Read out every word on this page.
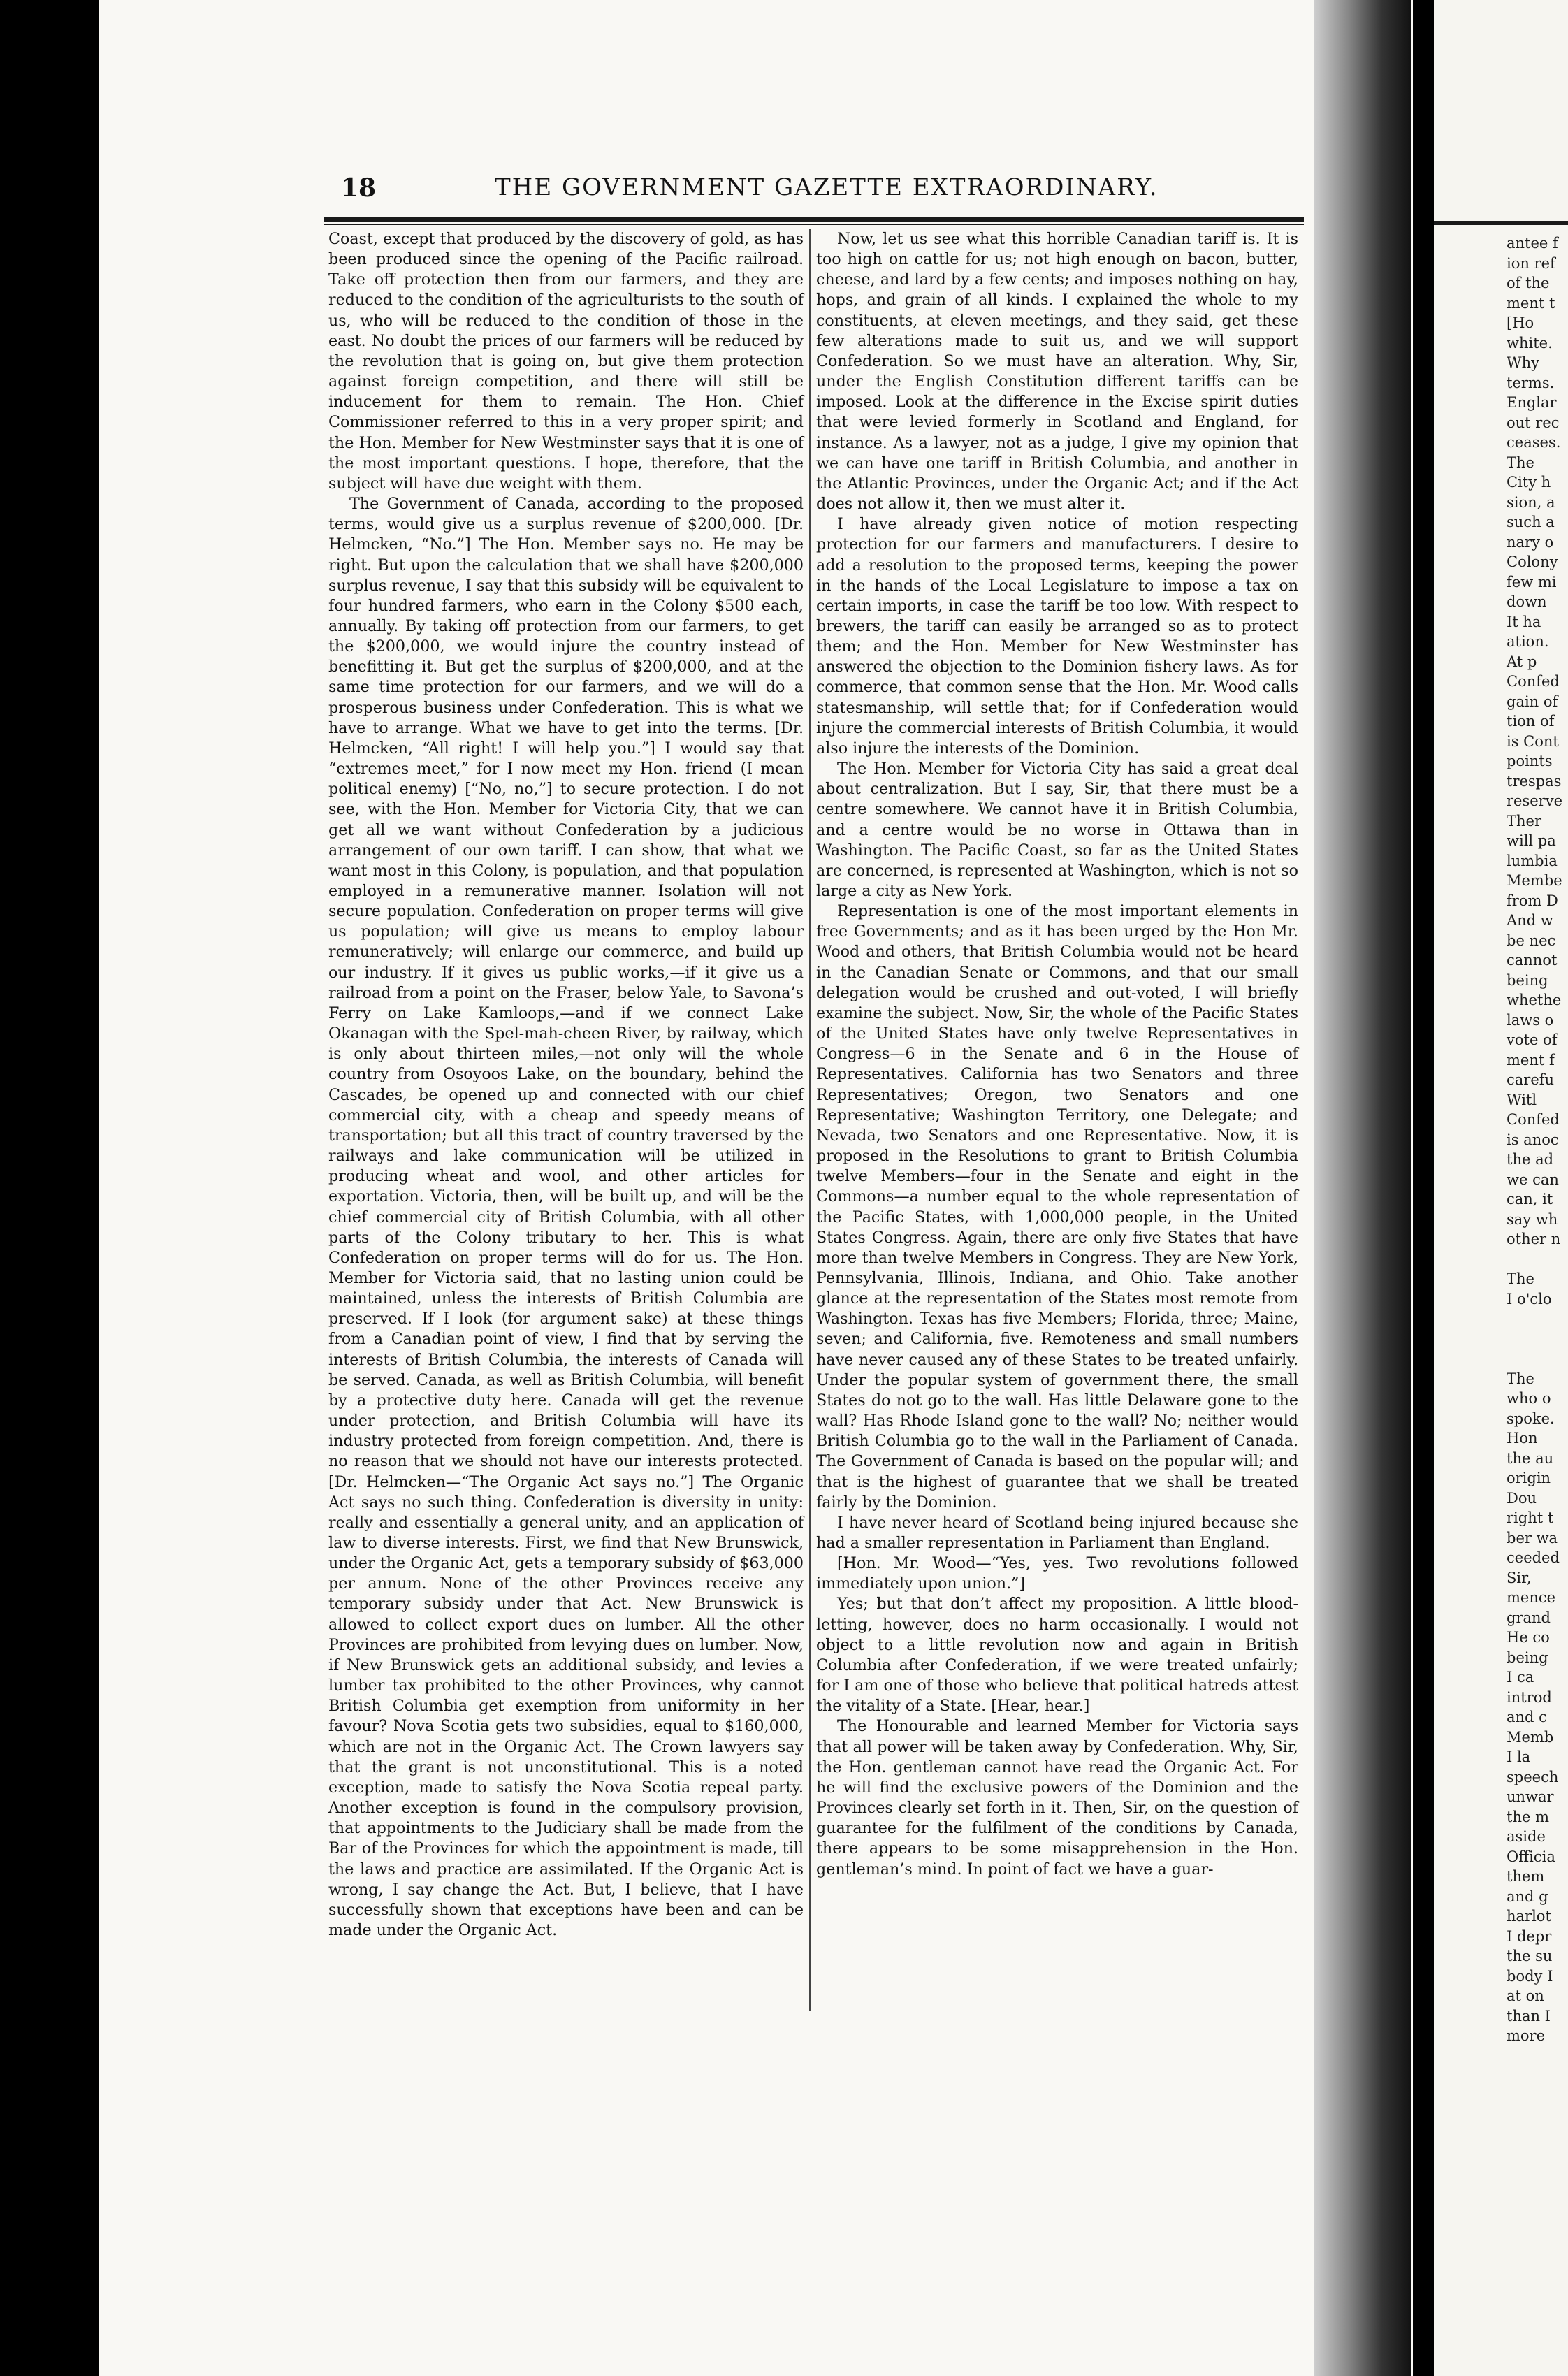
antee f
ion ref
of the
ment t
[Ho
white.
Why
terms.
Englar
out rec
ceases.
The
City h
sion, a
such a
nary o
Colony
few mi
down
It ha
ation.
At p
Confed
gain of
tion of
is Cont
points
trespas
reserve
Ther
will pa
lumbia
Membe
from D
And w
be nec
cannot
being
whethe
laws o
vote of
ment f
carefu
Witl
Confed
is anoc
the ad
we can
can, it
say wh
other n

The
I o'clo

The
who o
spoke.
Hon
the au
origin
Dou
right t
ber wa
ceeded
Sir,
mence
grand
He co
being
I ca
introd
and c
Memb
I la
speech
unwar
the m
aside
Officia
them
and g
harlot
I depr
the su
body I
at on
than I
more
18	THE GOVERNMENT GAZETTE EXTRAORDINARY.

Coast, except that produced by the discovery of gold, as has been produced since the opening of the Pacific railroad. Take off protection then from our farmers, and they are reduced to the condition of the agriculturists to the south of us, who will be reduced to the condition of those in the east. No doubt the prices of our farmers will be reduced by the revolution that is going on, but give them protection against foreign competition, and there will still be inducement for them to remain. The Hon. Chief Commissioner referred to this in a very proper spirit; and the Hon. Member for New Westminster says that it is one of the most important questions. I hope, therefore, that the subject will have due weight with them.

The Government of Canada, according to the proposed terms, would give us a surplus revenue of $200,000. [Dr. Helmcken, “No.”] The Hon. Member says no. He may be right. But upon the calculation that we shall have $200,000 surplus revenue, I say that this subsidy will be equivalent to four hundred farmers, who earn in the Colony $500 each, annually. By taking off protection from our farmers, to get the $200,000, we would injure the country instead of benefitting it. But get the surplus of $200,000, and at the same time protection for our farmers, and we will do a prosperous business under Confederation. This is what we have to arrange. What we have to get into the terms. [Dr. Helmcken, “All right! I will help you.”] I would say that “extremes meet,” for I now meet my Hon. friend (I mean political enemy) [“No, no,”] to secure protection. I do not see, with the Hon. Member for Victoria City, that we can get all we want without Confederation by a judicious arrangement of our own tariff. I can show, that what we want most in this Colony, is population, and that population employed in a remunerative manner. Isolation will not secure population. Confederation on proper terms will give us population; will give us means to employ labour remuneratively; will enlarge our commerce, and build up our industry. If it gives us public works,—if it give us a railroad from a point on the Fraser, below Yale, to Savona’s Ferry on Lake Kamloops,—and if we connect Lake Okanagan with the Spel-mah-cheen River, by railway, which is only about thirteen miles,—not only will the whole country from Osoyoos Lake, on the boundary, behind the Cascades, be opened up and connected with our chief commercial city, with a cheap and speedy means of transportation; but all this tract of country traversed by the railways and lake communication will be utilized in producing wheat and wool, and other articles for exportation. Victoria, then, will be built up, and will be the chief commercial city of British Columbia, with all other parts of the Colony tributary to her. This is what Confederation on proper terms will do for us. The Hon. Member for Victoria said, that no lasting union could be maintained, unless the interests of British Columbia are preserved. If I look (for argument sake) at these things from a Canadian point of view, I find that by serving the interests of British Columbia, the interests of Canada will be served. Canada, as well as British Columbia, will benefit by a protective duty here. Canada will get the revenue under protection, and British Columbia will have its industry protected from foreign competition. And, there is no reason that we should not have our interests protected. [Dr. Helmcken—“The Organic Act says no.”] The Organic Act says no such thing. Confederation is diversity in unity: really and essentially a general unity, and an application of law to diverse interests. First, we find that New Brunswick, under the Organic Act, gets a temporary subsidy of $63,000 per annum. None of the other Provinces receive any temporary subsidy under that Act. New Brunswick is allowed to collect export dues on lumber. All the other Provinces are prohibited from levying dues on lumber. Now, if New Brunswick gets an additional subsidy, and levies a lumber tax prohibited to the other Provinces, why cannot British Columbia get exemption from uniformity in her favour? Nova Scotia gets two subsidies, equal to $160,000, which are not in the Organic Act. The Crown lawyers say that the grant is not unconstitutional. This is a noted exception, made to satisfy the Nova Scotia repeal party. Another exception is found in the compulsory provision, that appointments to the Judiciary shall be made from the Bar of the Provinces for which the appointment is made, till the laws and practice are assimilated. If the Organic Act is wrong, I say change the Act. But, I believe, that I have successfully shown that exceptions have been and can be made under the Organic Act.

Now, let us see what this horrible Canadian tariff is. It is too high on cattle for us; not high enough on bacon, butter, cheese, and lard by a few cents; and imposes nothing on hay, hops, and grain of all kinds. I explained the whole to my constituents, at eleven meetings, and they said, get these few alterations made to suit us, and we will support Confederation. So we must have an alteration. Why, Sir, under the English Constitution different tariffs can be imposed. Look at the difference in the Excise spirit duties that were levied formerly in Scotland and England, for instance. As a lawyer, not as a judge, I give my opinion that we can have one tariff in British Columbia, and another in the Atlantic Provinces, under the Organic Act; and if the Act does not allow it, then we must alter it.

I have already given notice of motion respecting protection for our farmers and manufacturers. I desire to add a resolution to the proposed terms, keeping the power in the hands of the Local Legislature to impose a tax on certain imports, in case the tariff be too low. With respect to brewers, the tariff can easily be arranged so as to protect them; and the Hon. Member for New Westminster has answered the objection to the Dominion fishery laws. As for commerce, that common sense that the Hon. Mr. Wood calls statesmanship, will settle that; for if Confederation would injure the commercial interests of British Columbia, it would also injure the interests of the Dominion.

The Hon. Member for Victoria City has said a great deal about centralization. But I say, Sir, that there must be a centre somewhere. We cannot have it in British Columbia, and a centre would be no worse in Ottawa than in Washington. The Pacific Coast, so far as the United States are concerned, is represented at Washington, which is not so large a city as New York.

Representation is one of the most important elements in free Governments; and as it has been urged by the Hon Mr. Wood and others, that British Columbia would not be heard in the Canadian Senate or Commons, and that our small delegation would be crushed and out-voted, I will briefly examine the subject. Now, Sir, the whole of the Pacific States of the United States have only twelve Representatives in Congress—6 in the Senate and 6 in the House of Representatives. California has two Senators and three Representatives; Oregon, two Senators and one Representative; Washington Territory, one Delegate; and Nevada, two Senators and one Representative. Now, it is proposed in the Resolutions to grant to British Columbia twelve Members—four in the Senate and eight in the Commons—a number equal to the whole representation of the Pacific States, with 1,000,000 people, in the United States Congress. Again, there are only five States that have more than twelve Members in Congress. They are New York, Pennsylvania, Illinois, Indiana, and Ohio. Take another glance at the representation of the States most remote from Washington. Texas has five Members; Florida, three; Maine, seven; and California, five. Remoteness and small numbers have never caused any of these States to be treated unfairly. Under the popular system of government there, the small States do not go to the wall. Has little Delaware gone to the wall? Has Rhode Island gone to the wall? No; neither would British Columbia go to the wall in the Parliament of Canada. The Government of Canada is based on the popular will; and that is the highest of guarantee that we shall be treated fairly by the Dominion.

I have never heard of Scotland being injured because she had a smaller representation in Parliament than England.

[Hon. Mr. Wood—“Yes, yes. Two revolutions followed immediately upon union.”]

Yes; but that don’t affect my proposition. A little blood-letting, however, does no harm occasionally. I would not object to a little revolution now and again in British Columbia after Confederation, if we were treated unfairly; for I am one of those who believe that political hatreds attest the vitality of a State. [Hear, hear.]

The Honourable and learned Member for Victoria says that all power will be taken away by Confederation. Why, Sir, the Hon. gentleman cannot have read the Organic Act. For he will find the exclusive powers of the Dominion and the Provinces clearly set forth in it. Then, Sir, on the question of guarantee for the fulfilment of the conditions by Canada, there appears to be some misapprehension in the Hon. gentleman’s mind. In point of fact we have a guar-
